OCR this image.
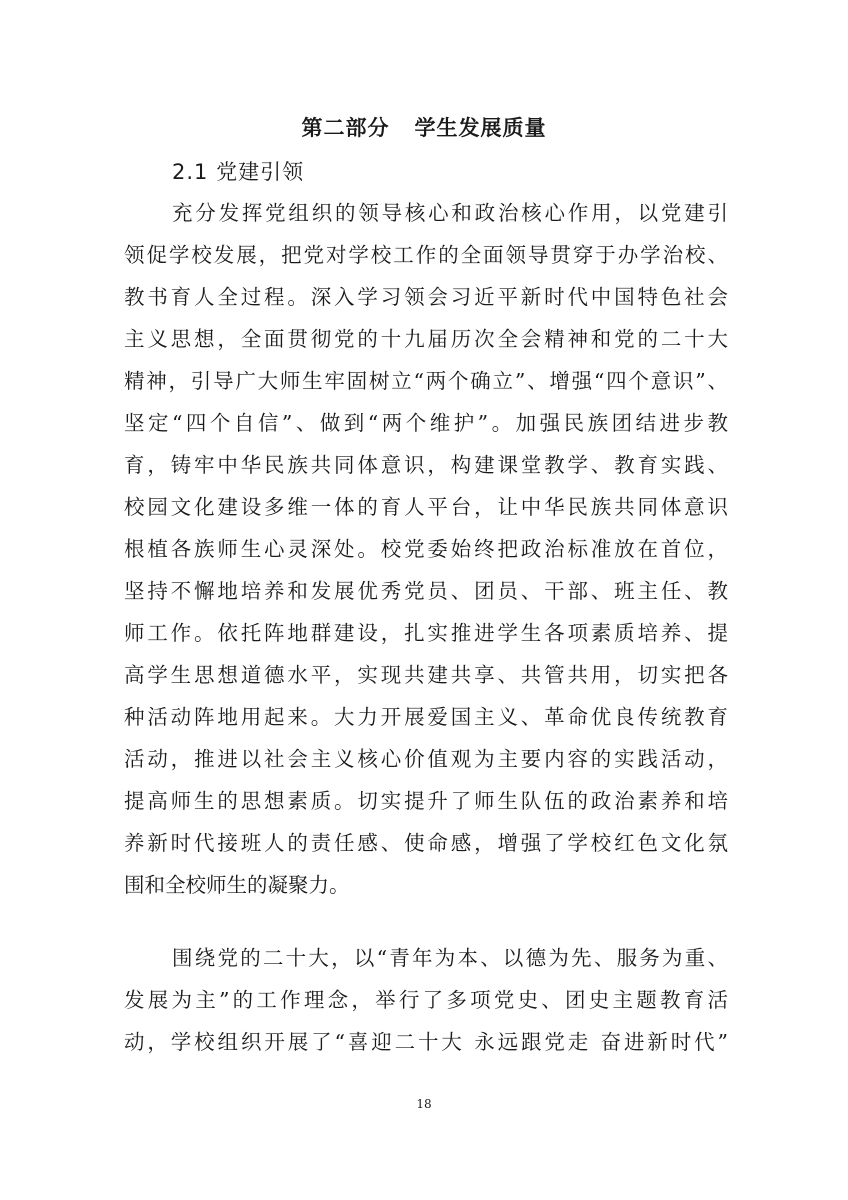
第二部分   学生发展质量
2.1 党建引领
充分发挥党组织的领导核心和政治核心作用，以党建引
领促学校发展，把党对学校工作的全面领导贯穿于办学治校、
教书育人全过程。深入学习领会习近平新时代中国特色社会
主义思想，全面贯彻党的十九届历次全会精神和党的二十大
精神，引导广大师生牢固树立“两个确立”、增强“四个意识”、
坚定“四个自信”、做到“两个维护”。加强民族团结进步教
育，铸牢中华民族共同体意识，构建课堂教学、教育实践、
校园文化建设多维一体的育人平台，让中华民族共同体意识
根植各族师生心灵深处。校党委始终把政治标准放在首位，
坚持不懈地培养和发展优秀党员、团员、干部、班主任、教
师工作。依托阵地群建设，扎实推进学生各项素质培养、提
高学生思想道德水平，实现共建共享、共管共用，切实把各
种活动阵地用起来。大力开展爱国主义、革命优良传统教育
活动，推进以社会主义核心价值观为主要内容的实践活动，
提高师生的思想素质。切实提升了师生队伍的政治素养和培
养新时代接班人的责任感、使命感，增强了学校红色文化氛
围和全校师生的凝聚力。
围绕党的二十大，以“青年为本、以德为先、服务为重、
发展为主”的工作理念，举行了多项党史、团史主题教育活
动，学校组织开展了“喜迎二十大 永远跟党走 奋进新时代”
18
